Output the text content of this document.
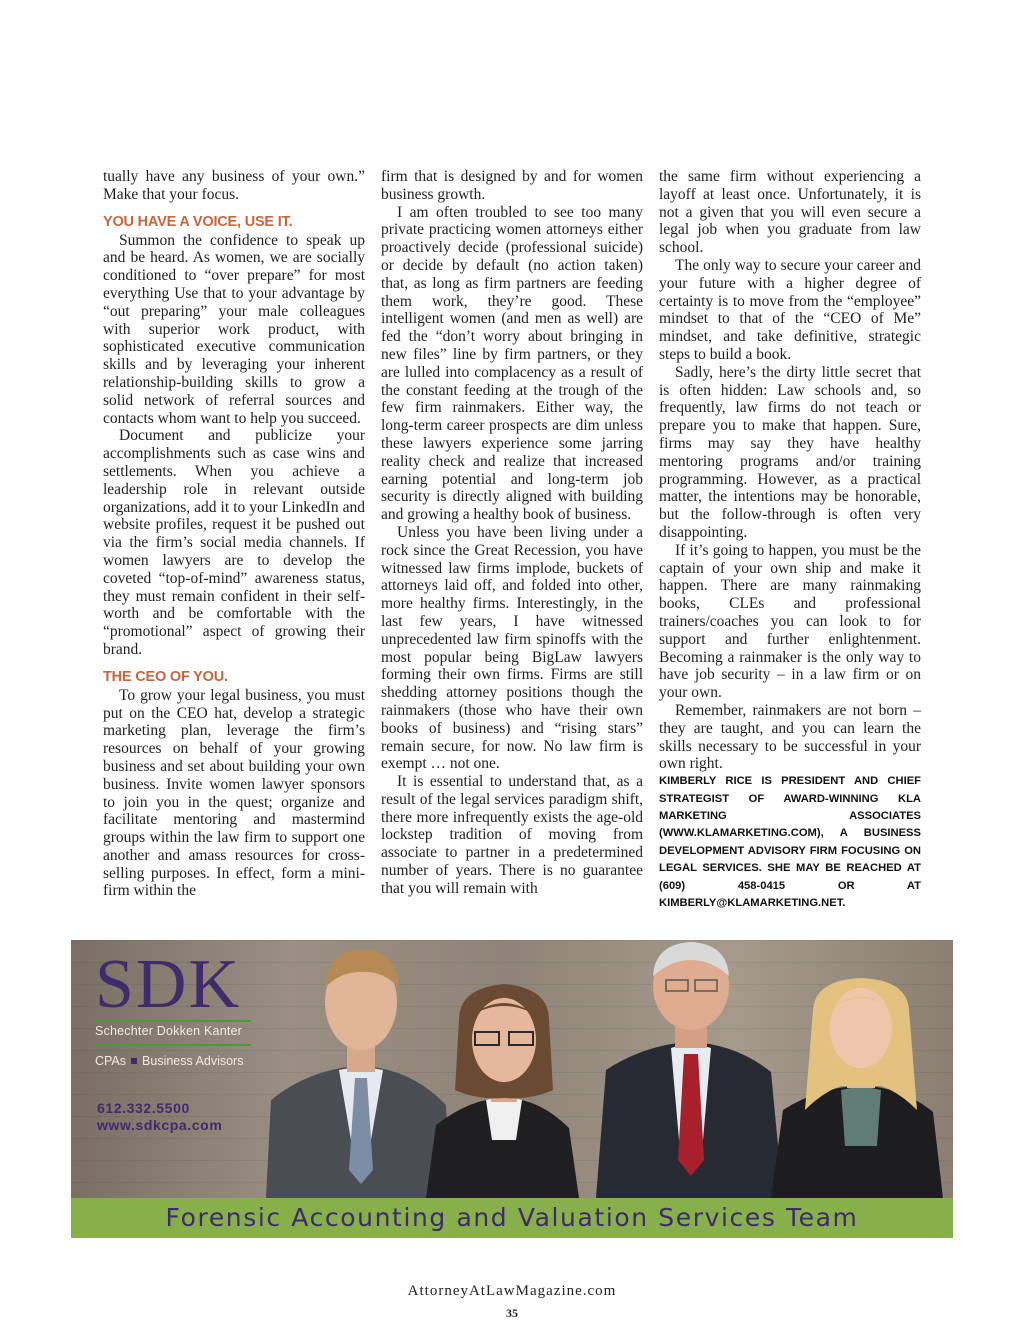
tually have any business of your own.” Make that your focus.

YOU HAVE A VOICE, USE IT.

Summon the confidence to speak up and be heard. As women, we are socially conditioned to “over prepare” for most everything Use that to your advantage by “out preparing” your male colleagues with superior work product, with sophisticated executive communication skills and by leveraging your inherent relationship-building skills to grow a solid network of referral sources and contacts whom want to help you succeed.

Document and publicize your accomplishments such as case wins and settlements. When you achieve a leadership role in relevant outside organizations, add it to your LinkedIn and website profiles, request it be pushed out via the firm’s social media channels. If women lawyers are to develop the coveted “top-of-mind” awareness status, they must remain confident in their self-worth and be comfortable with the “promotional” aspect of growing their brand.

THE CEO OF YOU.

To grow your legal business, you must put on the CEO hat, develop a strategic marketing plan, leverage the firm’s resources on behalf of your growing business and set about building your own business. Invite women lawyer sponsors to join you in the quest; organize and facilitate mentoring and mastermind groups within the law firm to support one another and amass resources for cross-selling purposes. In effect, form a mini-firm within the

firm that is designed by and for women business growth.

I am often troubled to see too many private practicing women attorneys either proactively decide (professional suicide) or decide by default (no action taken) that, as long as firm partners are feeding them work, they’re good. These intelligent women (and men as well) are fed the “don’t worry about bringing in new files” line by firm partners, or they are lulled into complacency as a result of the constant feeding at the trough of the few firm rainmakers. Either way, the long-term career prospects are dim unless these lawyers experience some jarring reality check and realize that increased earning potential and long-term job security is directly aligned with building and growing a healthy book of business.

Unless you have been living under a rock since the Great Recession, you have witnessed law firms implode, buckets of attorneys laid off, and folded into other, more healthy firms. Interestingly, in the last few years, I have witnessed unprecedented law firm spinoffs with the most popular being BigLaw lawyers forming their own firms. Firms are still shedding attorney positions though the rainmakers (those who have their own books of business) and “rising stars” remain secure, for now. No law firm is exempt … not one.

It is essential to understand that, as a result of the legal services paradigm shift, there more infrequently exists the age-old lockstep tradition of moving from associate to partner in a predetermined number of years. There is no guarantee that you will remain with

the same firm without experiencing a layoff at least once. Unfortunately, it is not a given that you will even secure a legal job when you graduate from law school.

The only way to secure your career and your future with a higher degree of certainty is to move from the “employee” mindset to that of the “CEO of Me” mindset, and take definitive, strategic steps to build a book.

Sadly, here’s the dirty little secret that is often hidden: Law schools and, so frequently, law firms do not teach or prepare you to make that happen. Sure, firms may say they have healthy mentoring programs and/or training programming. However, as a practical matter, the intentions may be honorable, but the follow-through is often very disappointing.

If it’s going to happen, you must be the captain of your own ship and make it happen. There are many rainmaking books, CLEs and professional trainers/coaches you can look to for support and further enlightenment. Becoming a rainmaker is the only way to have job security – in a law firm or on your own.

Remember, rainmakers are not born – they are taught, and you can learn the skills necessary to be successful in your own right.

KIMBERLY RICE IS PRESIDENT AND CHIEF STRATEGIST OF AWARD-WINNING KLA MARKETING ASSOCIATES (WWW.KLAMARKETING.COM), A BUSINESS DEVELOPMENT ADVISORY FIRM FOCUSING ON LEGAL SERVICES. SHE MAY BE REACHED AT (609) 458-0415 OR AT KIMBERLY@KLAMARKETING.NET.

SDK
Schechter Dokken Kanter
CPAs Business Advisors
612.332.5500
www.sdkcpa.com
Forensic Accounting and Valuation Services Team
AttorneyAtLawMagazine.com
35
